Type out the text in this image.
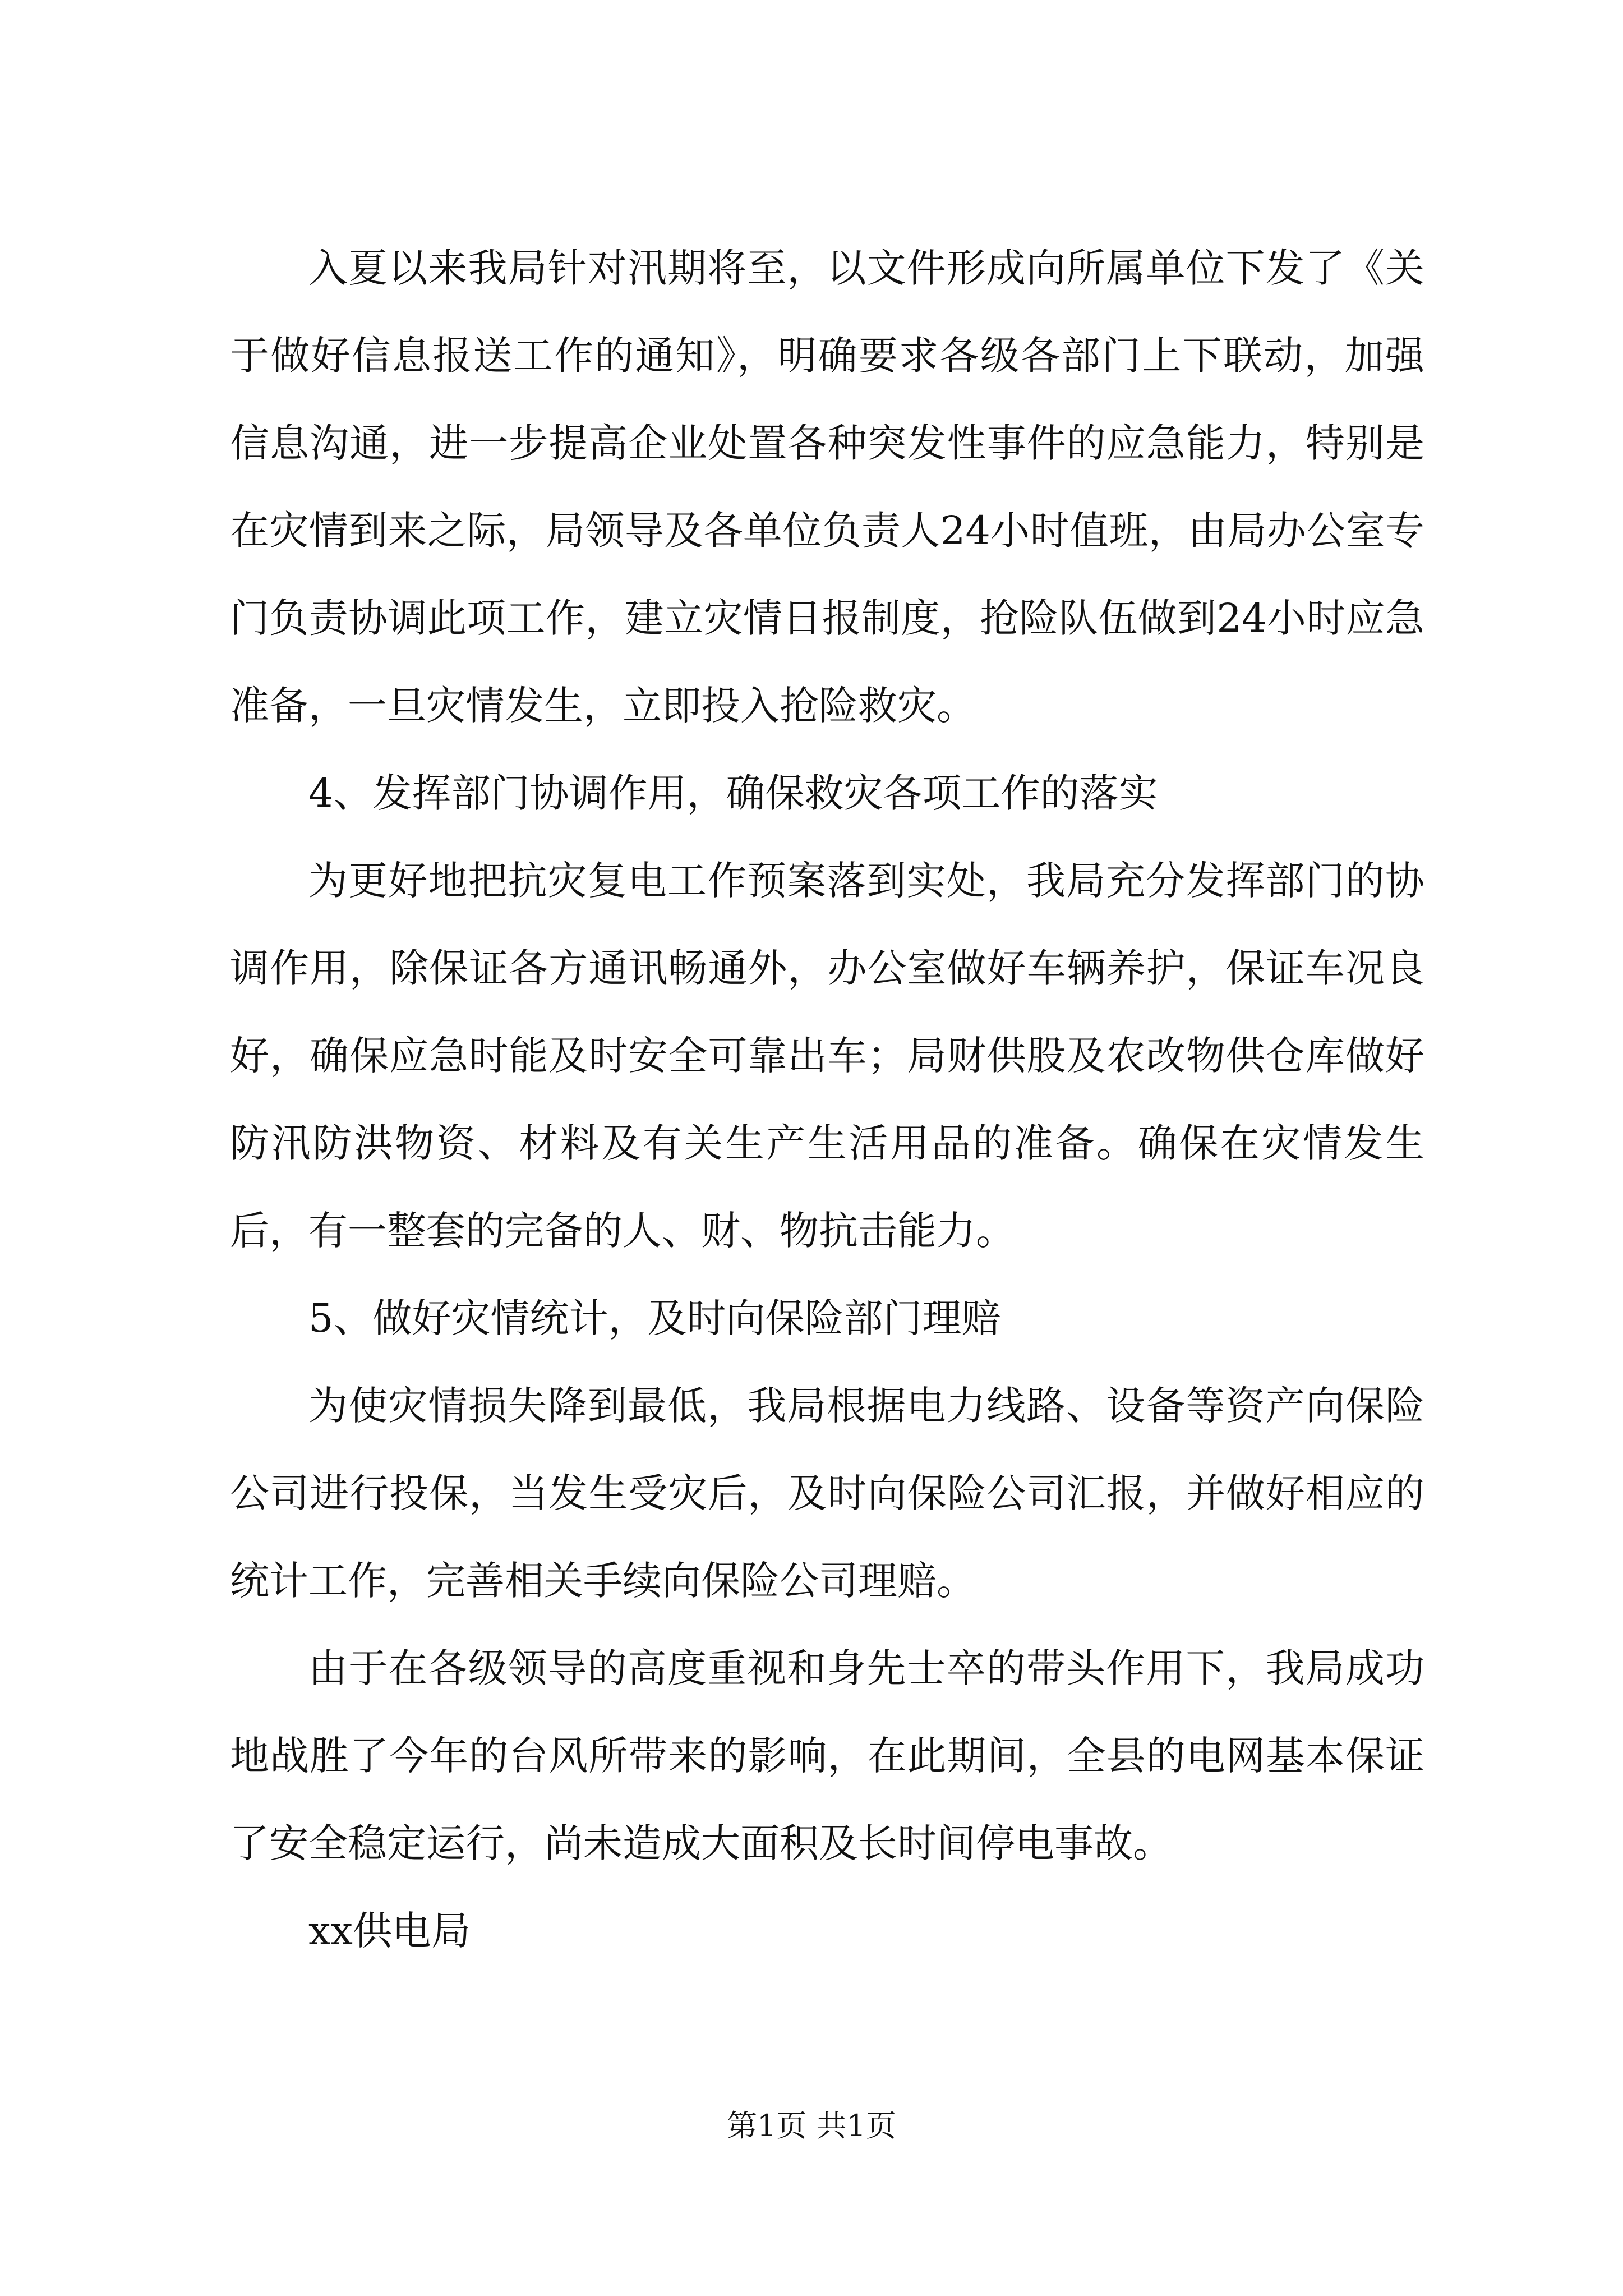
入夏以来我局针对汛期将至，以文件形成向所属单位下发了《关于做好信息报送工作的通知》，明确要求各级各部门上下联动，加强信息沟通，进一步提高企业处置各种突发性事件的应急能力，特别是在灾情到来之际，局领导及各单位负责人24小时值班，由局办公室专门负责协调此项工作，建立灾情日报制度，抢险队伍做到24小时应急准备，一旦灾情发生，立即投入抢险救灾。

4、发挥部门协调作用，确保救灾各项工作的落实

为更好地把抗灾复电工作预案落到实处，我局充分发挥部门的协调作用，除保证各方通讯畅通外，办公室做好车辆养护，保证车况良好，确保应急时能及时安全可靠出车；局财供股及农改物供仓库做好防汛防洪物资、材料及有关生产生活用品的准备。确保在灾情发生后，有一整套的完备的人、财、物抗击能力。

5、做好灾情统计，及时向保险部门理赔

为使灾情损失降到最低，我局根据电力线路、设备等资产向保险公司进行投保，当发生受灾后，及时向保险公司汇报，并做好相应的统计工作，完善相关手续向保险公司理赔。

由于在各级领导的高度重视和身先士卒的带头作用下，我局成功地战胜了今年的台风所带来的影响，在此期间，全县的电网基本保证了安全稳定运行，尚未造成大面积及长时间停电事故。

xx供电局

第1页 共1页
